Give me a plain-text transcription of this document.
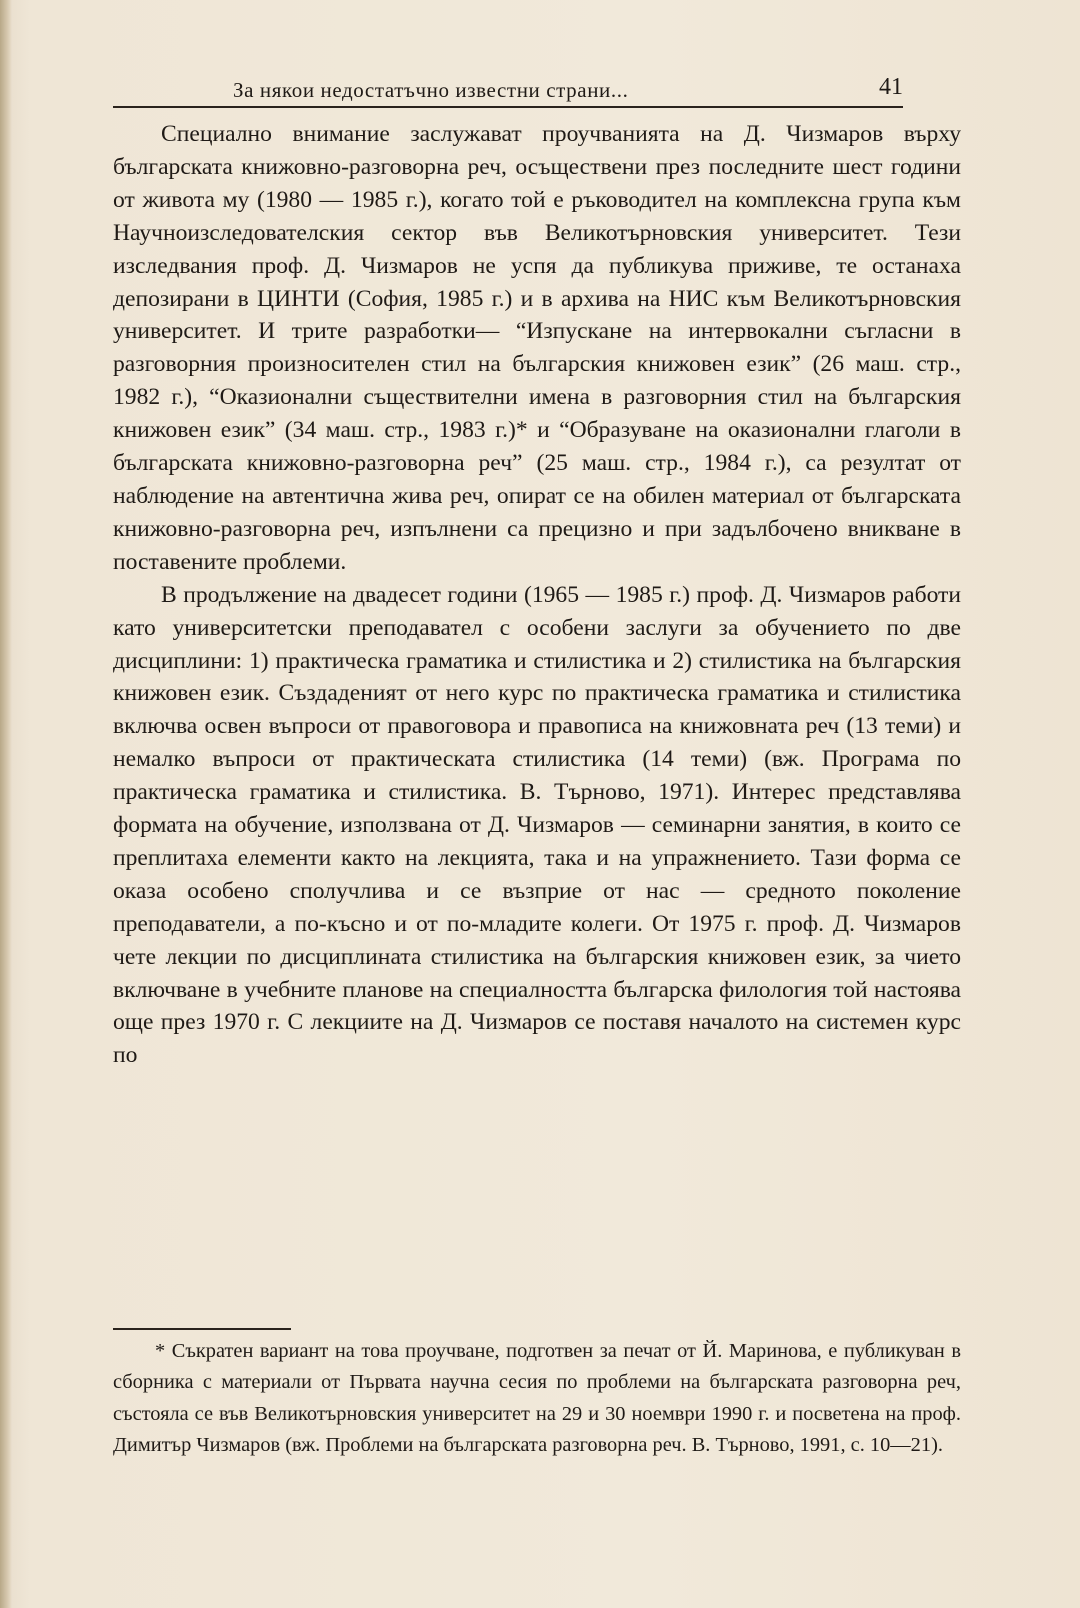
За някои недостатъчно известни страни...	41

Специално внимание заслужават проучванията на Д. Чизмаров върху българската книжовно-разговорна реч, осъществени през последните шест години от живота му (1980 — 1985 г.), когато той е ръководител на комплексна група към Научноизследователския сектор във Великотърновския университет. Тези изследвания проф. Д. Чизмаров не успя да публикува приживе, те останаха депозирани в ЦИНТИ (София, 1985 г.) и в архива на НИС към Великотърновския университет. И трите разработки— “Изпускане на интервокални съгласни в разговорния произносителен стил на българския книжовен език” (26 маш. стр., 1982 г.), “Оказионални съществителни имена в разговорния стил на българския книжовен език” (34 маш. стр., 1983 г.)* и “Образуване на оказионални глаголи в българската книжовно-разговорна реч” (25 маш. стр., 1984 г.), са резултат от наблюдение на автентична жива реч, опират се на обилен материал от българската книжовно-разговорна реч, изпълнени са прецизно и при задълбочено вникване в поставените проблеми.

В продължение на двадесет години (1965 — 1985 г.) проф. Д. Чизмаров работи като университетски преподавател с особени заслуги за обучението по две дисциплини: 1) практическа граматика и стилистика и 2) стилистика на българския книжовен език. Създаденият от него курс по практическа граматика и стилистика включва освен въпроси от правоговора и правописа на книжовната реч (13 теми) и немалко въпроси от практическата стилистика (14 теми) (вж. Програма по практическа граматика и стилистика. В. Търново, 1971). Интерес представлява формата на обучение, използвана от Д. Чизмаров — семинарни занятия, в които се преплитаха елементи както на лекцията, така и на упражнението. Тази форма се оказа особено сполучлива и се възприе от нас — средното поколение преподаватели, а по-късно и от по-младите колеги. От 1975 г. проф. Д. Чизмаров чете лекции по дисциплината стилистика на българския книжовен език, за чието включване в учебните планове на специалността българска филология той настоява още през 1970 г. С лекциите на Д. Чизмаров се поставя началото на системен курс по

* Съкратен вариант на това проучване, подготвен за печат от Й. Маринова, е публикуван в сборника с материали от Първата научна сесия по проблеми на българската разговорна реч, състояла се във Великотърновския университет на 29 и 30 ноември 1990 г. и посветена на проф. Димитър Чизмаров (вж. Проблеми на българската разговорна реч. В. Търново, 1991, с. 10—21).
